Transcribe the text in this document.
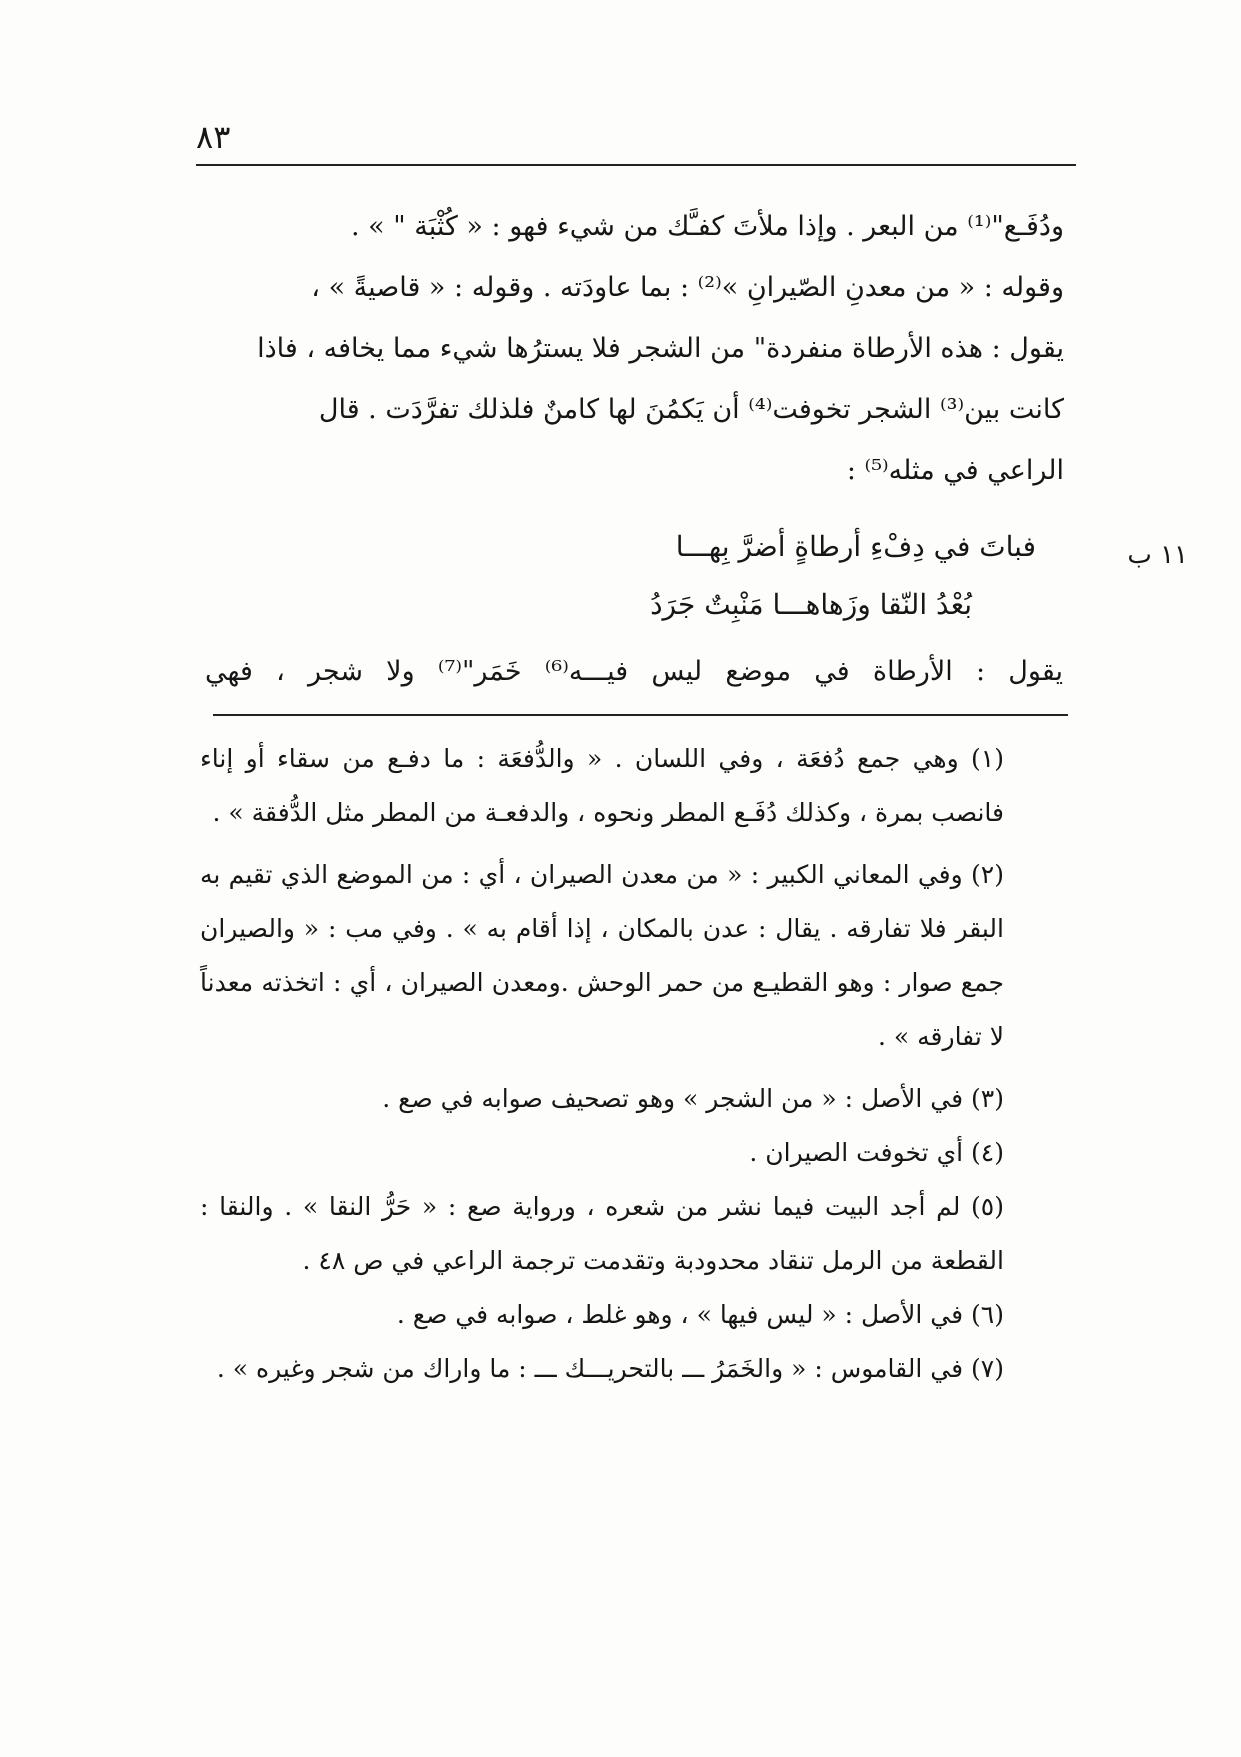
٨٣
ودُفَـع"⁽¹⁾ من البعر . وإذا ملأتَ كفـَّك من شيء فهو : « كُثْبَة " » .
وقوله : « من معدنِ الصّيرانِ »⁽²⁾ : بما عاودَته . وقوله : « قاصيةً » ،
يقول : هذه الأرطاة منفردة" من الشجر فلا يسترُها شيء مما يخافه ، فاذا
كانت بين⁽³⁾ الشجر تخوفت⁽⁴⁾ أن يَكمُنَ لها كامنٌ فلذلك تفرَّدَت . قال
الراعي في مثله⁽⁵⁾ :
١١ ب
فباتَ في دِفْءِ أرطاةٍ أضرَّ بِهـــا
بُعْدُ النّقا وزَهاهـــا مَنْبِتٌ جَرَدُ
يقول : الأرطاة في موضع ليس فيـــه⁽⁶⁾ خَمَر"⁽⁷⁾ ولا شجر ، فهي
(١) وهي جمع دُفعَة ، وفي اللسان . « والدُّفعَة : ما دفـع من سقاء أو إناء فانصب بمرة ، وكذلك دُفَـع المطر ونحوه ، والدفعـة من المطر مثل الدُّفقة » .
(٢) وفي المعاني الكبير : « من معدن الصيران ، أي : من الموضع الذي تقيم به البقر فلا تفارقه . يقال : عدن بالمكان ، إذا أقام به » . وفي مب : « والصيران جمع صوار : وهو القطيـع من حمر الوحش .ومعدن الصيران ، أي : اتخذته معدناً لا تفارقه » .
(٣) في الأصل : « من الشجر » وهو تصحيف صوابه في صع .
(٤) أي تخوفت الصيران .
(٥) لم أجد البيت فيما نشر من شعره ، ورواية صع : « حَرُّ النقا » . والنقا : القطعة من الرمل تنقاد محدودبة وتقدمت ترجمة الراعي في ص ٤٨ .
(٦) في الأصل : « ليس فيها » ، وهو غلط ، صوابه في صع .
(٧) في القاموس : « والخَمَرُ ـــ بالتحريـــك ـــ : ما واراك من شجر وغيره » .
